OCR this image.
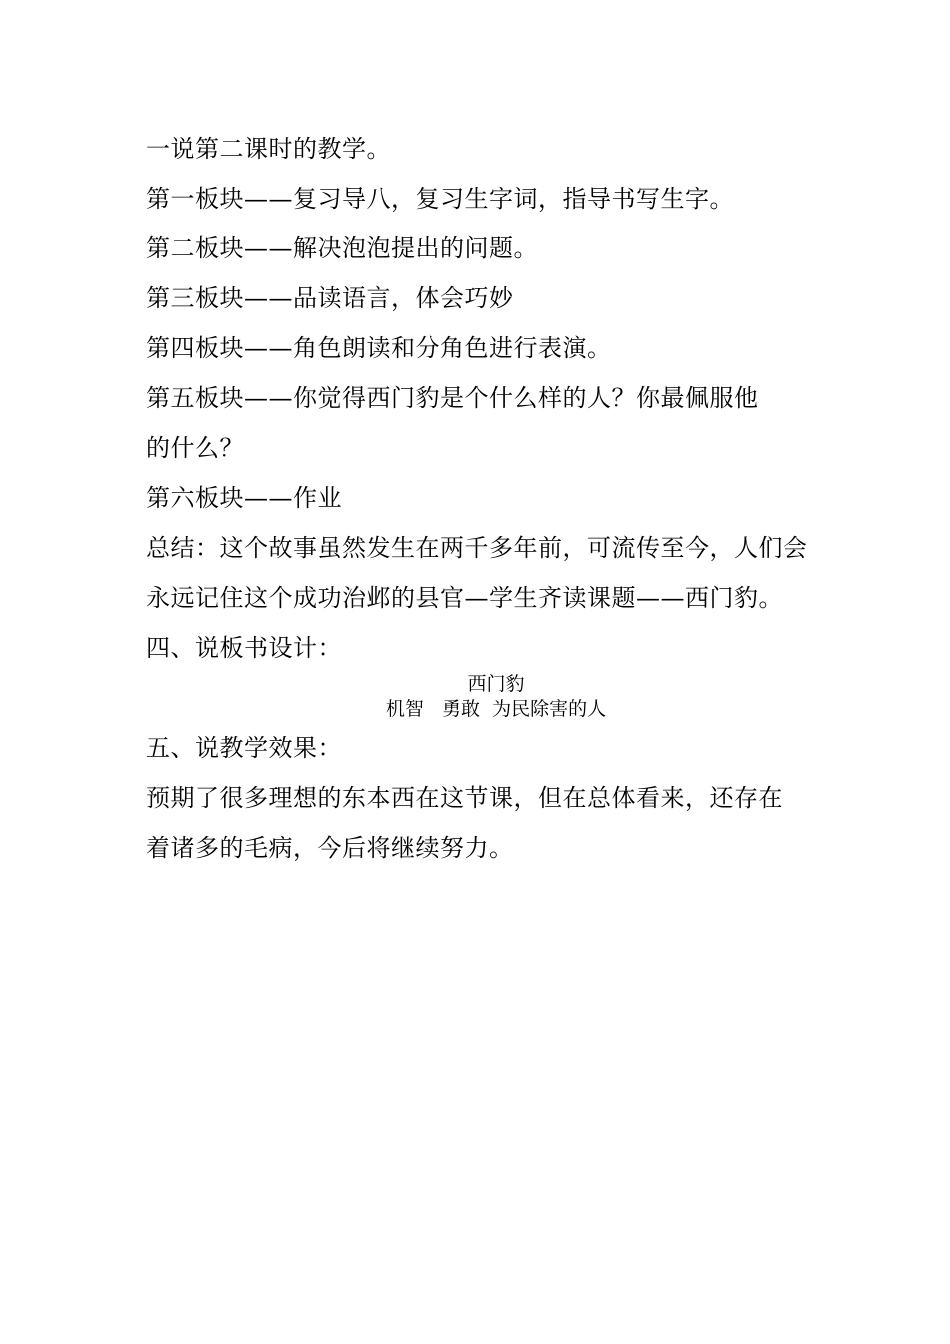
一说第二课时的教学。
第一板块——复习导八，复习生字词，指导书写生字。
第二板块——解决泡泡提出的问题。
第三板块——品读语言，体会巧妙
第四板块——角色朗读和分角色进行表演。
第五板块——你觉得西门豹是个什么样的人？你最佩服他
的什么？
第六板块——作业
总结：这个故事虽然发生在两千多年前，可流传至今，人们会
永远记住这个成功治邺的县官—学生齐读课题——西门豹。
四、说板书设计：
西门豹
机智   勇敢  为民除害的人
五、说教学效果：
预期了很多理想的东本西在这节课，但在总体看来，还存在
着诸多的毛病，今后将继续努力。
